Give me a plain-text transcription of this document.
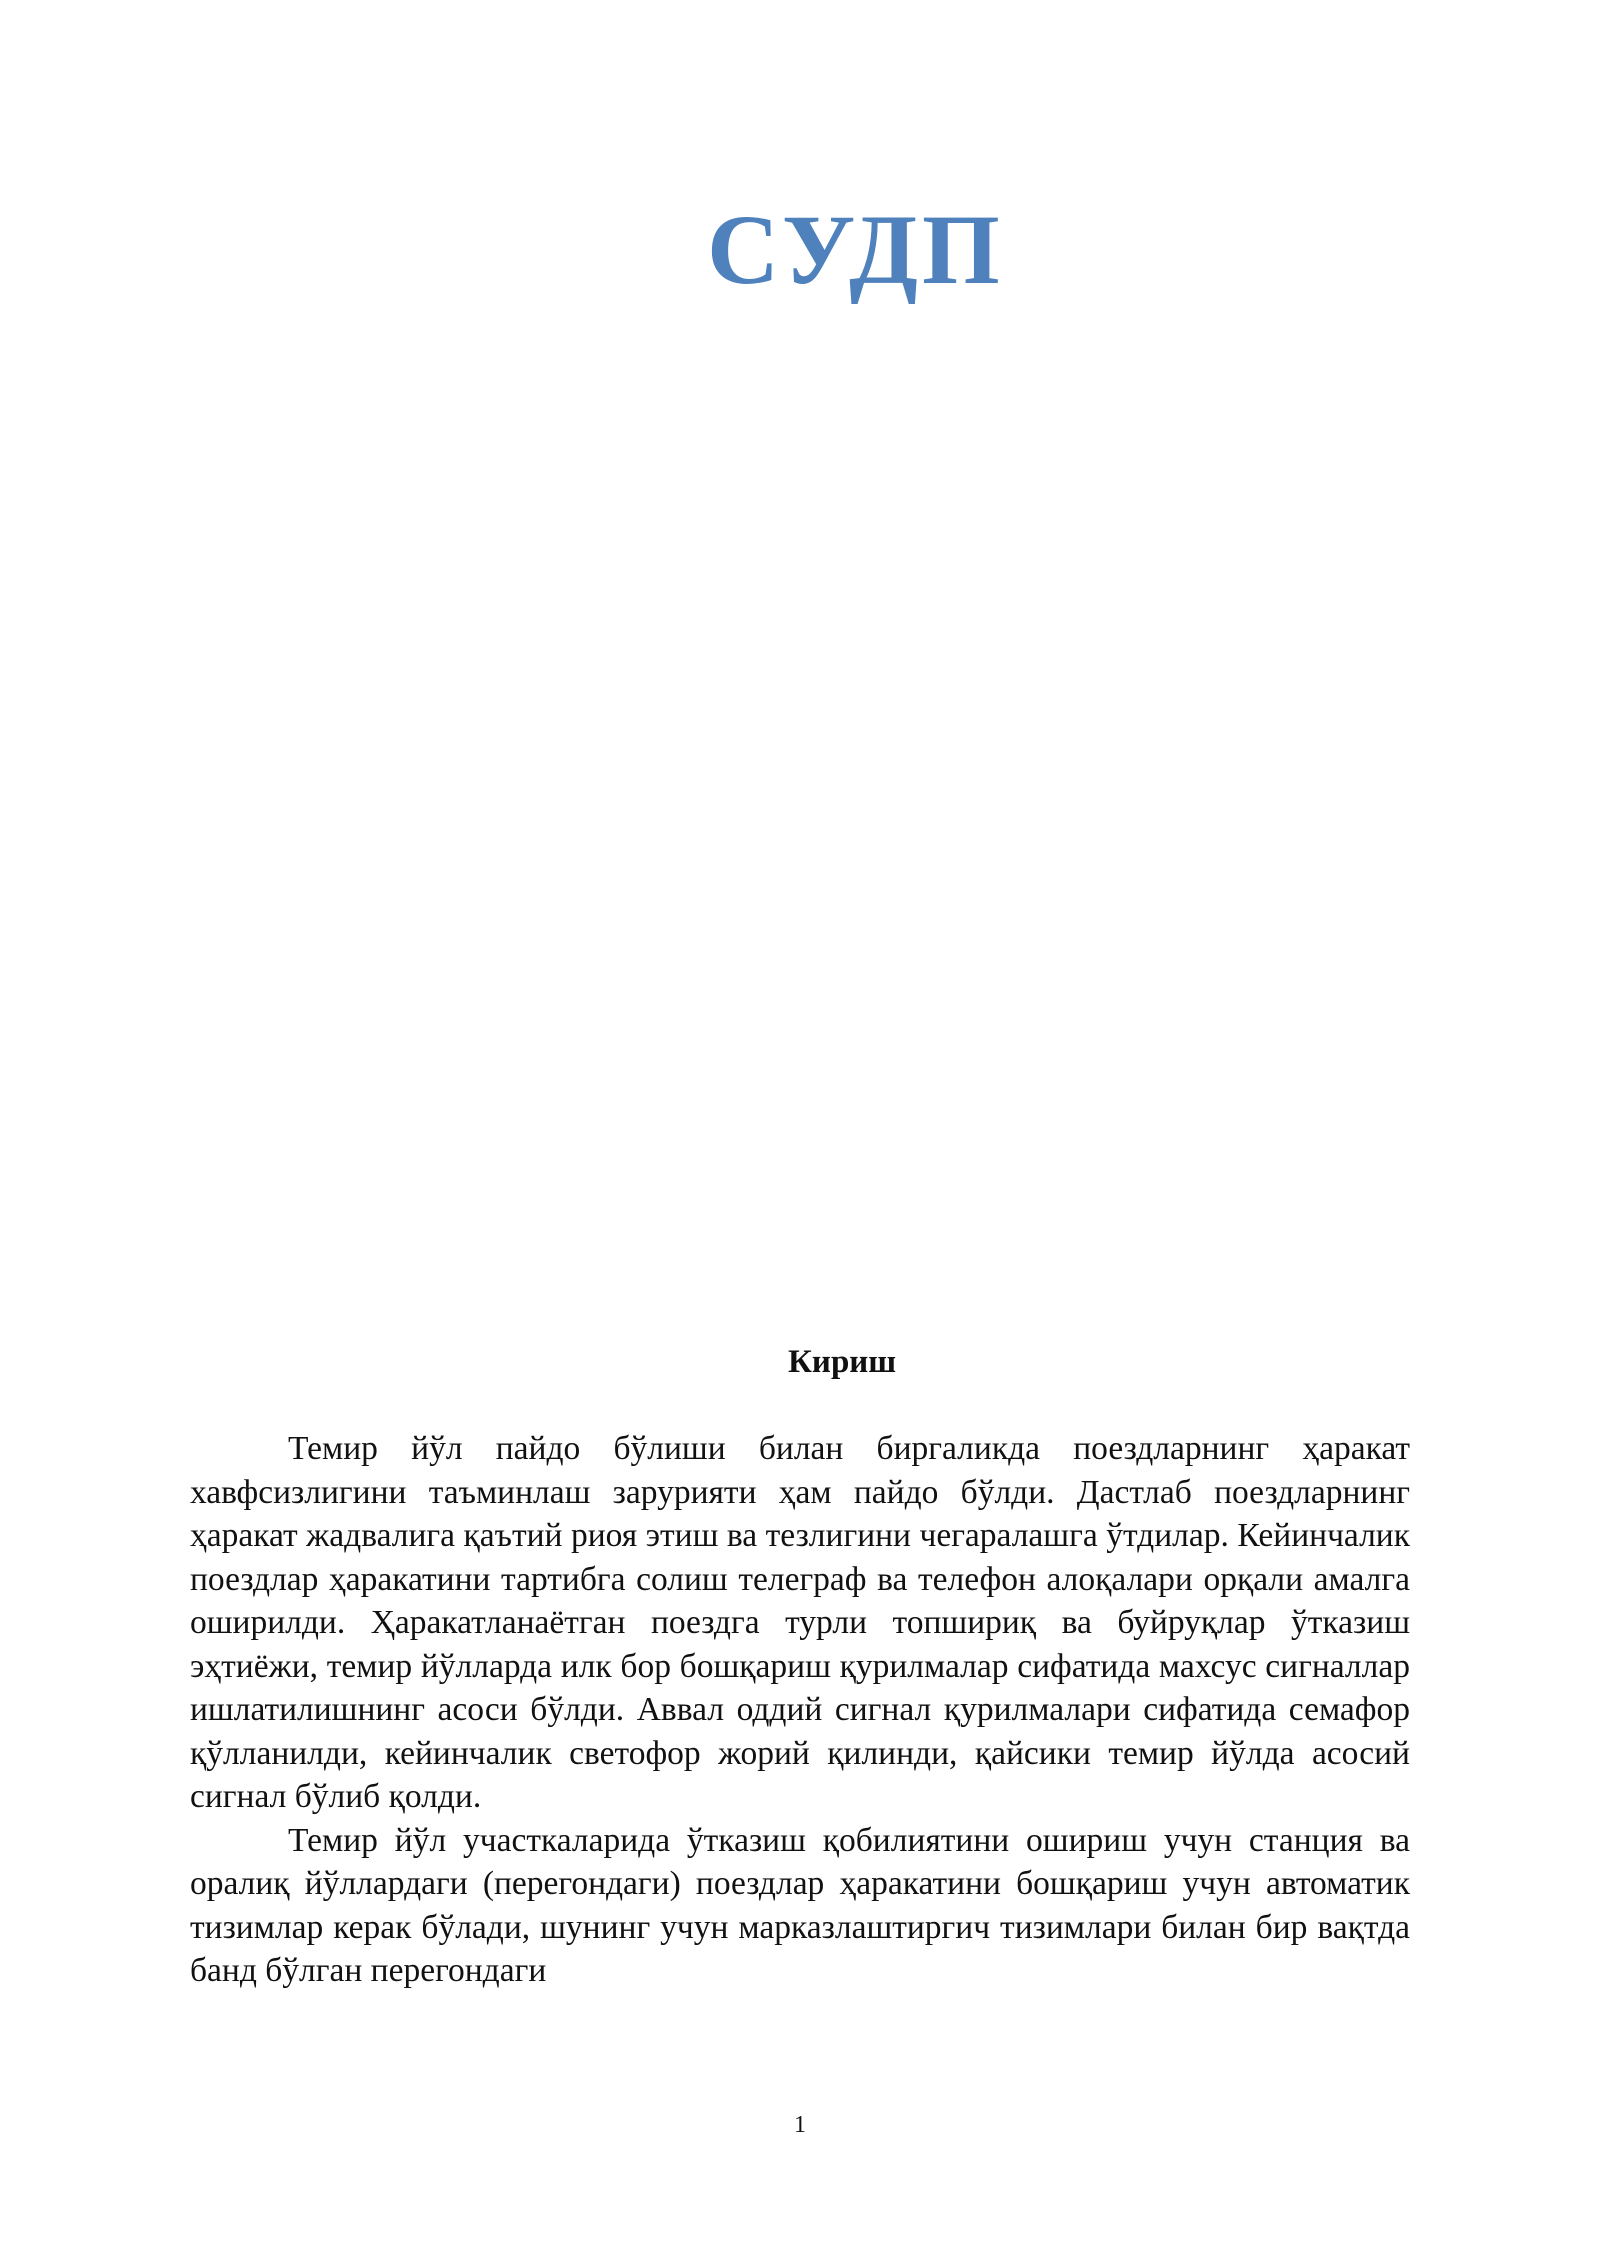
СУДП
Кириш

Темир йўл пайдо бўлиши билан биргаликда поездларнинг ҳаракат хавфсизлигини таъминлаш зарурияти ҳам пайдо бўлди. Дастлаб поездларнинг ҳаракат жадвалига қаътий риоя этиш ва тезлигини чегаралашга ўтдилар. Кейинчалик поездлар ҳаракатини тартибга солиш телеграф ва телефон алоқалари орқали амалга оширилди. Ҳаракатланаётган поездга турли топшириқ ва буйруқлар ўтказиш эҳтиёжи, темир йўлларда илк бор бошқариш қурилмалар сифатида махсус сигналлар ишлатилишнинг асоси бўлди. Аввал оддий сигнал қурилмалари сифатида семафор қўлланилди, кейинчалик светофор жорий қилинди, қайсики темир йўлда асосий сигнал бўлиб қолди.

Темир йўл участкаларида ўтказиш қобилиятини ошириш учун станция ва оралиқ йўллардаги (перегондаги) поездлар ҳаракатини бошқариш учун автоматик тизимлар керак бўлади, шунинг учун марказлаштиргич тизимлари билан бир вақтда банд бўлган перегондаги

1
